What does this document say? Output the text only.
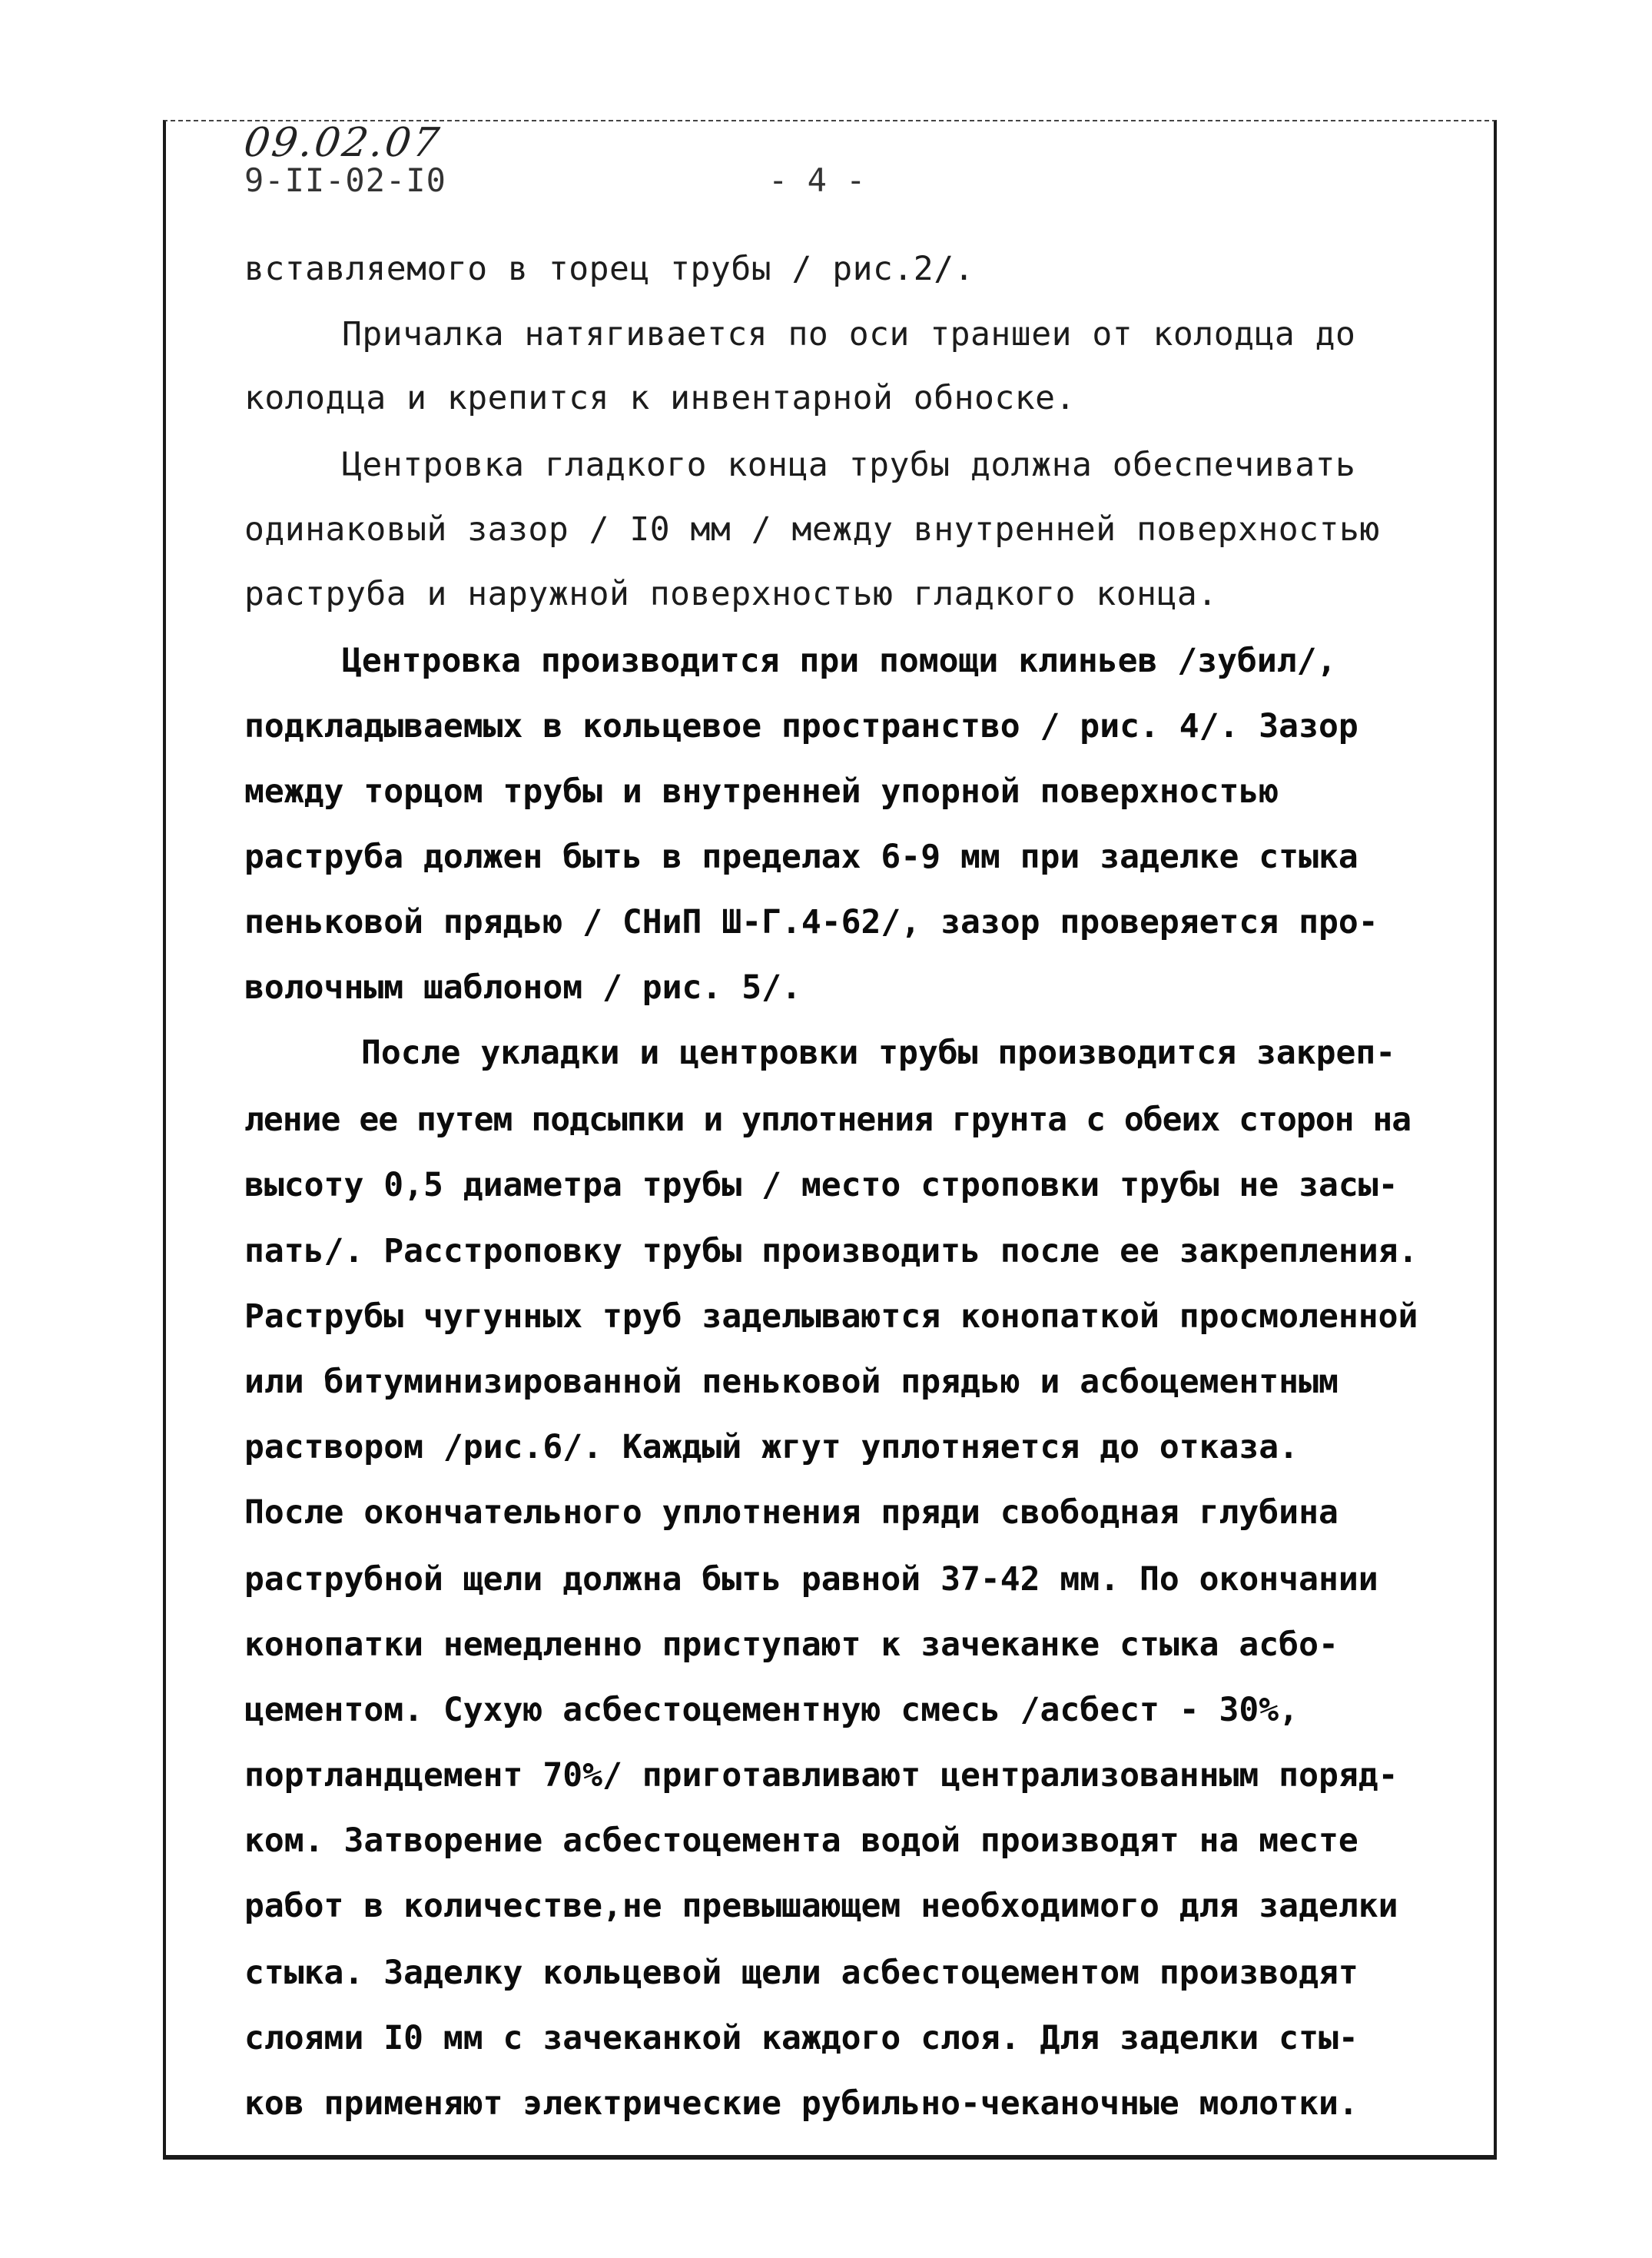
09.02.07
9-II-02-I0	- 4 -

вставляемого в торец трубы / рис.2/.

Причалка натягивается по оси траншеи от колодца до

колодца и крепится к инвентарной обноске.

Центровка гладкого конца трубы должна обеспечивать

одинаковый зазор / I0 мм / между внутренней поверхностью

раструба и наружной поверхностью гладкого конца.

Центровка производится при помощи клиньев /зубил/,

подкладываемых в кольцевое пространство / рис. 4/. Зазор

между торцом трубы и внутренней упорной поверхностью

раструба должен быть в пределах 6-9 мм при заделке стыка

пеньковой прядью / СНиП Ш-Г.4-62/, зазор проверяется про-

волочным шаблоном / рис. 5/.

После укладки и центровки трубы производится закреп-

ление ее путем подсыпки и уплотнения грунта с обеих сторон на

высоту 0,5 диаметра трубы / место строповки трубы не засы-

пать/. Расстроповку трубы производить после ее закрепления.

Раструбы чугунных труб заделываются конопаткой просмоленной

или битуминизированной пеньковой прядью и асбоцементным

раствором /рис.6/. Каждый жгут уплотняется до отказа.

После окончательного уплотнения пряди свободная глубина

раструбной щели должна быть равной 37-42 мм. По окончании

конопатки немедленно приступают к зачеканке стыка асбо-

цементом. Сухую асбестоцементную смесь /асбест - 30%,

портландцемент 70%/ приготавливают централизованным поряд-

ком. Затворение асбестоцемента водой производят на месте

работ в количестве,не превышающем необходимого для заделки

стыка. Заделку кольцевой щели асбестоцементом производят

слоями I0 мм с зачеканкой каждого слоя. Для заделки сты-

ков применяют электрические рубильно-чеканочные молотки.
